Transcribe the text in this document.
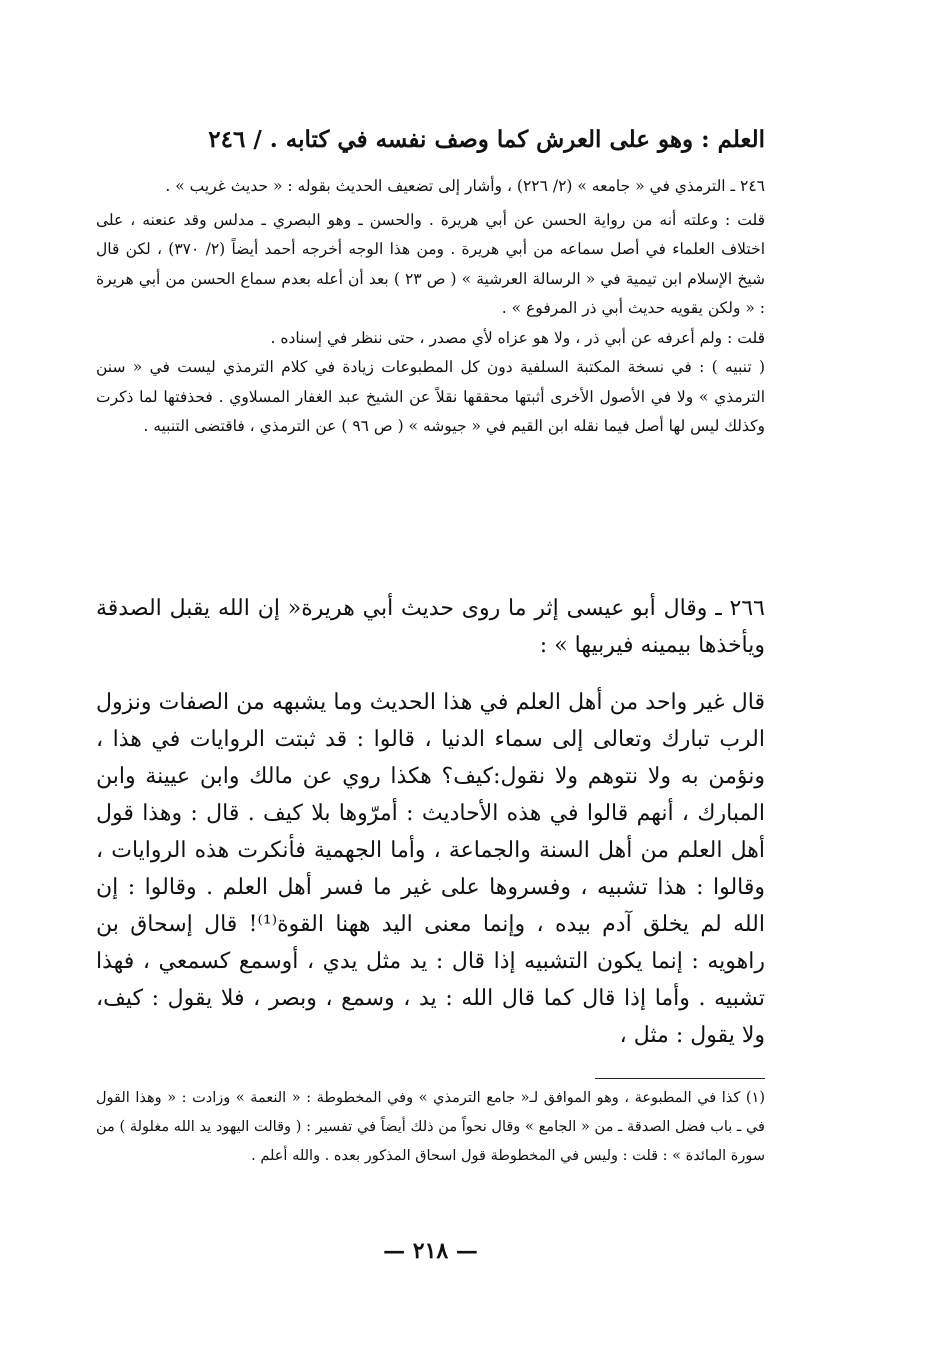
العلم : وهو على العرش كما وصف نفسه في كتابه . / ٢٤٦

٢٤٦ ـ الترمذي في « جامعه » (٢/ ٢٢٦) ، وأشار إلى تضعيف الحديث بقوله : « حديث غريب » .

قلت : وعلته أنه من رواية الحسن عن أبي هريرة . والحسن ـ وهو البصري ـ مدلس وقد عنعنه ، على اختلاف العلماء في أصل سماعه من أبي هريرة . ومن هذا الوجه أخرجه أحمد أيضاً (٢/ ٣٧٠) ، لكن قال شيخ الإسلام ابن تيمية في « الرسالة العرشية » ( ص ٢٣ ) بعد أن أعله بعدم سماع الحسن من أبي هريرة : « ولكن يقويه حديث أبي ذر المرفوع » .

قلت : ولم أعرفه عن أبي ذر ، ولا هو عزاه لأي مصدر ، حتى ننظر في إسناده .

( تنبيه ) : في نسخة المكتبة السلفية دون كل المطبوعات زيادة في كلام الترمذي ليست في « سنن الترمذي » ولا في الأصول الأخرى أثبتها محققها نقلاً عن الشيخ عبد الغفار المسلاوي . فحذفتها لما ذكرت وكذلك ليس لها أصل فيما نقله ابن القيم في « جيوشه » ( ص ٩٦ ) عن الترمذي ، فاقتضى التنبيه .

٢٦٦ ـ وقال أبو عيسى إثر ما روى حديث أبي هريرة« إن الله يقبل الصدقة ويأخذها بيمينه فيربيها » :

قال غير واحد من أهل العلم في هذا الحديث وما يشبهه من الصفات ونزول الرب تبارك وتعالى إلى سماء الدنيا ، قالوا : قد ثبتت الروايات في هذا ، ونؤمن به ولا نتوهم ولا نقول:كيف؟ هكذا روي عن مالك وابن عيينة وابن المبارك ، أنهم قالوا في هذه الأحاديث : أمرّوها بلا كيف . قال : وهذا قول أهل العلم من أهل السنة والجماعة ، وأما الجهمية فأنكرت هذه الروايات ، وقالوا : هذا تشبيه ، وفسروها على غير ما فسر أهل العلم . وقالوا : إن الله لم يخلق آدم بيده ، وإنما معنى اليد ههنا القوة⁽¹⁾! قال إسحاق بن راهويه : إنما يكون التشبيه إذا قال : يد مثل يدي ، أوسمع كسمعي ، فهذا تشبيه . وأما إذا قال كما قال الله : يد ، وسمع ، وبصر ، فلا يقول : كيف، ولا يقول : مثل ،

(١) كذا في المطبوعة ، وهو الموافق لـ« جامع الترمذي » وفي المخطوطة : « النعمة » وزادت : « وهذا القول في ـ باب فضل الصدقة ـ من « الجامع » وقال نحواً من ذلك أيضاً في تفسير : ( وقالت اليهود يد الله مغلولة ) من سورة المائدة » : قلت : وليس في المخطوطة قول اسحاق المذكور بعده . والله أعلم .

— ٢١٨ —
